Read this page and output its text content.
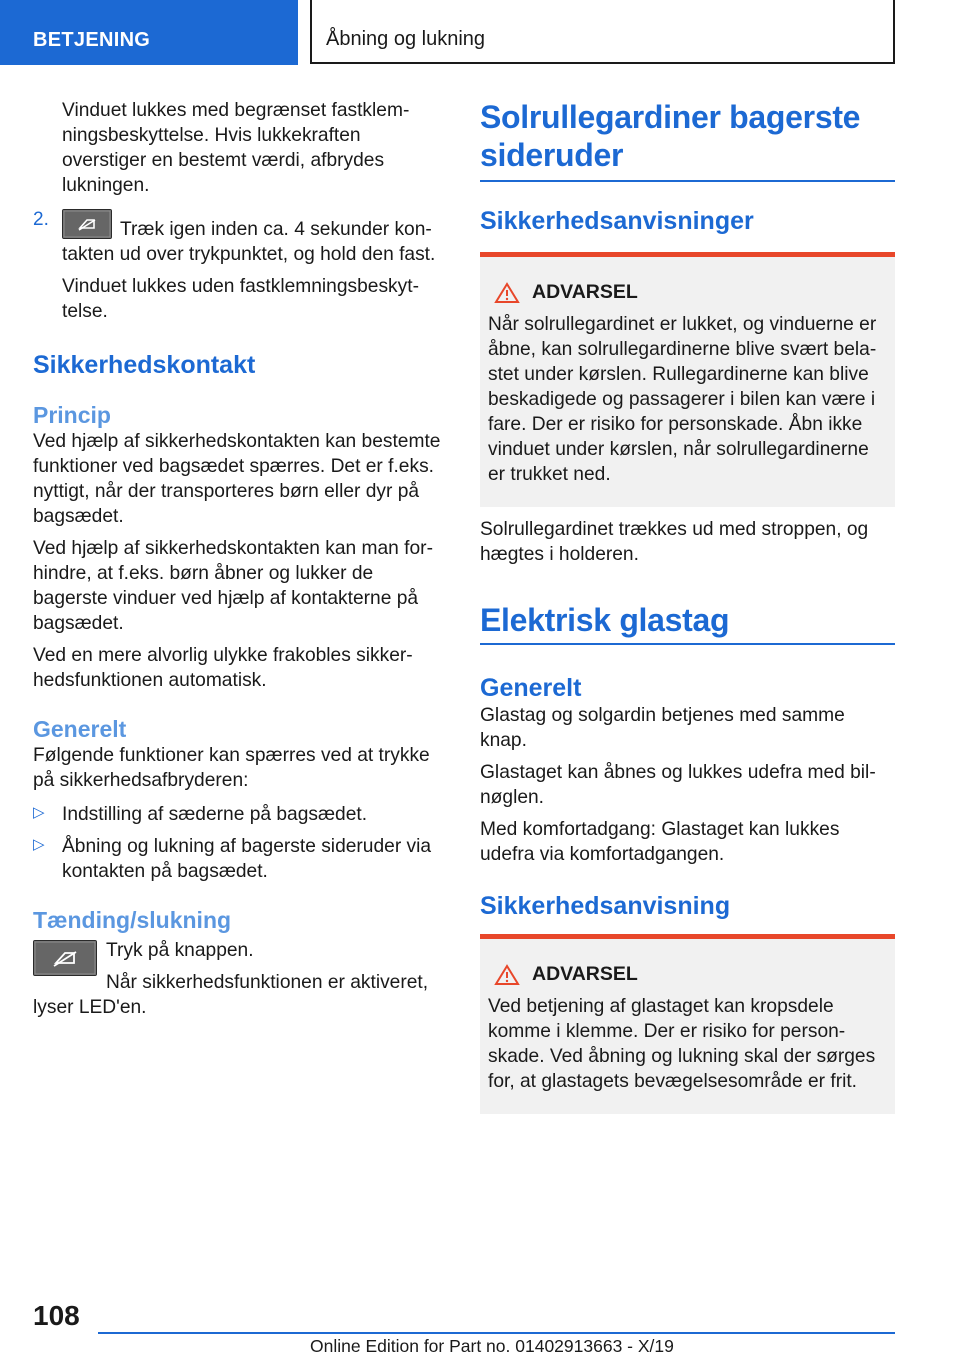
BETJENING	Åbning og lukning

Vinduet lukkes med begrænset fastklemningsbeskyttelse. Hvis lukkekraften overstiger en bestemt værdi, afbrydes lukningen.

2.	Træk igen inden ca. 4 sekunder kontakten ud over trykpunktet, og hold den fast.

Vinduet lukkes uden fastklemningsbeskyttelse.

Sikkerhedskontakt
Princip

Ved hjælp af sikkerhedskontakten kan bestemte funktioner ved bagsædet spærres. Det er f.eks. nyttigt, når der transporteres børn eller dyr på bagsædet.

Ved hjælp af sikkerhedskontakten kan man forhindre, at f.eks. børn åbner og lukker de bagerste vinduer ved hjælp af kontakterne på bagsædet.

Ved en mere alvorlig ulykke frakobles sikkerhedsfunktionen automatisk.

Generelt

Følgende funktioner kan spærres ved at trykke på sikkerhedsafbryderen:

▷ Indstilling af sæderne på bagsædet.

▷ Åbning og lukning af bagerste sideruder via kontakten på bagsædet.

Tænding/slukning

Tryk på knappen.

Når sikkerhedsfunktionen er aktiveret, lyser LED'en.

Solrullegardiner bagerste sideruder
Sikkerhedsanvisninger
ADVARSEL

Når solrullegardinet er lukket, og vinduerne er åbne, kan solrullegardinerne blive svært belastet under kørslen. Rullegardinerne kan blive beskadigede og passagerer i bilen kan være i fare. Der er risiko for personskade. Åbn ikke vinduet under kørslen, når solrullegardinerne er trukket ned.

Solrullegardinet trækkes ud med stroppen, og hægtes i holderen.

Elektrisk glastag
Generelt

Glastag og solgardin betjenes med samme knap.

Glastaget kan åbnes og lukkes udefra med bilnøglen.

Med komfortadgang: Glastaget kan lukkes udefra via komfortadgangen.

Sikkerhedsanvisning
ADVARSEL

Ved betjening af glastaget kan kropsdele komme i klemme. Der er risiko for personskade. Ved åbning og lukning skal der sørges for, at glastagets bevægelsesområde er frit.

108
Online Edition for Part no. 01402913663 - X/19
